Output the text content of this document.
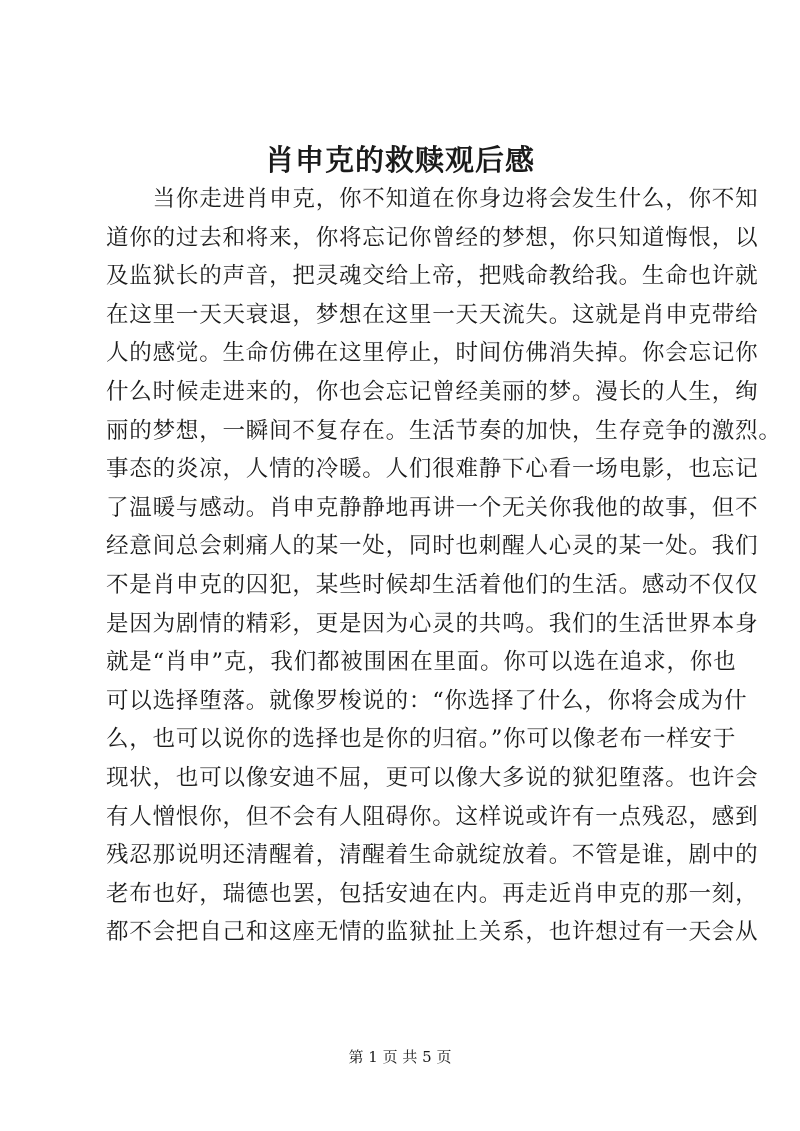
肖申克的救赎观后感
　　当你走进肖申克，你不知道在你身边将会发生什么，你不知
道你的过去和将来，你将忘记你曾经的梦想，你只知道悔恨，以
及监狱长的声音，把灵魂交给上帝，把贱命教给我。生命也许就
在这里一天天衰退，梦想在这里一天天流失。这就是肖申克带给
人的感觉。生命仿佛在这里停止，时间仿佛消失掉。你会忘记你
什么时候走进来的，你也会忘记曾经美丽的梦。漫长的人生，绚
丽的梦想，一瞬间不复存在。生活节奏的加快，生存竞争的激烈。
事态的炎凉，人情的冷暖。人们很难静下心看一场电影，也忘记
了温暖与感动。肖申克静静地再讲一个无关你我他的故事，但不
经意间总会刺痛人的某一处，同时也刺醒人心灵的某一处。我们
不是肖申克的囚犯，某些时候却生活着他们的生活。感动不仅仅
是因为剧情的精彩，更是因为心灵的共鸣。我们的生活世界本身
就是“肖申”克，我们都被围困在里面。你可以选在追求，你也
可以选择堕落。就像罗梭说的：“你选择了什么，你将会成为什
么，也可以说你的选择也是你的归宿。”你可以像老布一样安于
现状，也可以像安迪不屈，更可以像大多说的狱犯堕落。也许会
有人憎恨你，但不会有人阻碍你。这样说或许有一点残忍，感到
残忍那说明还清醒着，清醒着生命就绽放着。不管是谁，剧中的
老布也好，瑞德也罢，包括安迪在内。再走近肖申克的那一刻，
都不会把自己和这座无情的监狱扯上关系，也许想过有一天会从
第 1 页 共 5 页
